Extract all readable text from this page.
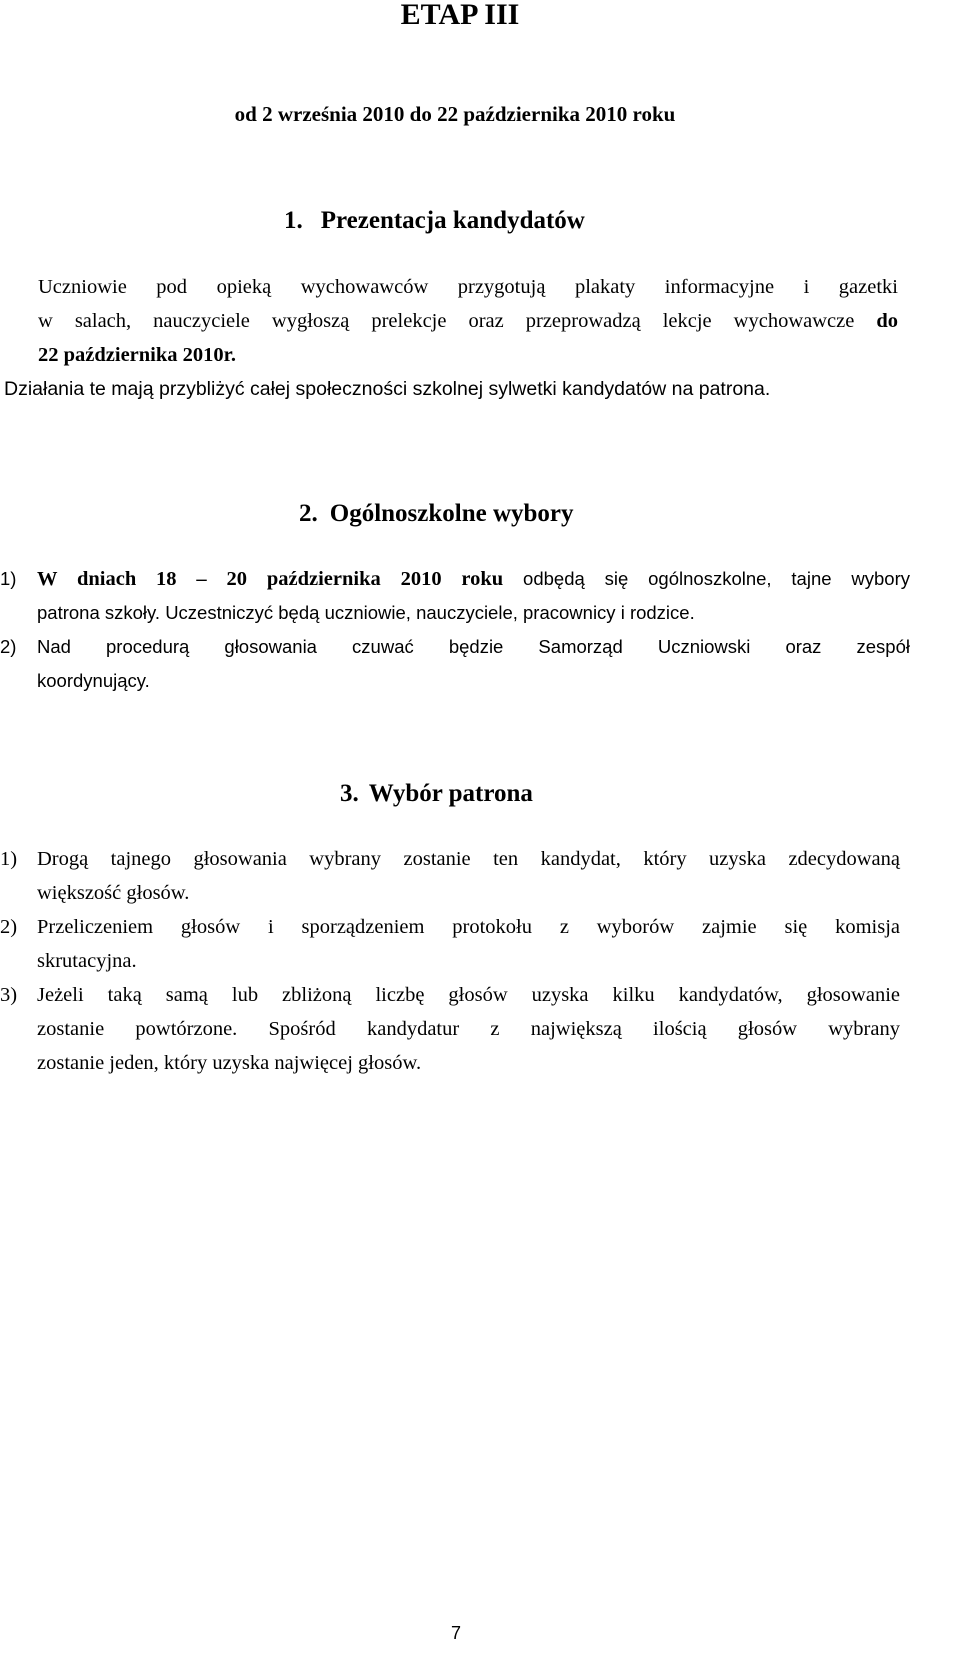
ETAP III
od 2 września 2010 do 22 października 2010 roku
1. Prezentacja kandydatów
Uczniowie pod opieką wychowawców przygotują plakaty informacyjne i gazetki
w salach, nauczyciele wygłoszą prelekcje oraz przeprowadzą lekcje wychowawcze do
22 października 2010r.
Działania te mają przybliżyć całej społeczności szkolnej sylwetki kandydatów na patrona.
2. Ogólnoszkolne wybory
1) W dniach 18 – 20 października 2010 roku odbędą się ogólnoszkolne, tajne wybory
patrona szkoły. Uczestniczyć będą uczniowie, nauczyciele, pracownicy i rodzice.
2) Nad procedurą głosowania czuwać będzie Samorząd Uczniowski oraz zespół
koordynujący.
3. Wybór patrona
1) Drogą tajnego głosowania wybrany zostanie ten kandydat, który uzyska zdecydowaną
większość głosów.
2) Przeliczeniem głosów i sporządzeniem protokołu z wyborów zajmie się komisja
skrutacyjna.
3) Jeżeli taką samą lub zbliżoną liczbę głosów uzyska kilku kandydatów, głosowanie
zostanie powtórzone. Spośród kandydatur z największą ilością głosów wybrany
zostanie jeden, który uzyska najwięcej głosów.
7
